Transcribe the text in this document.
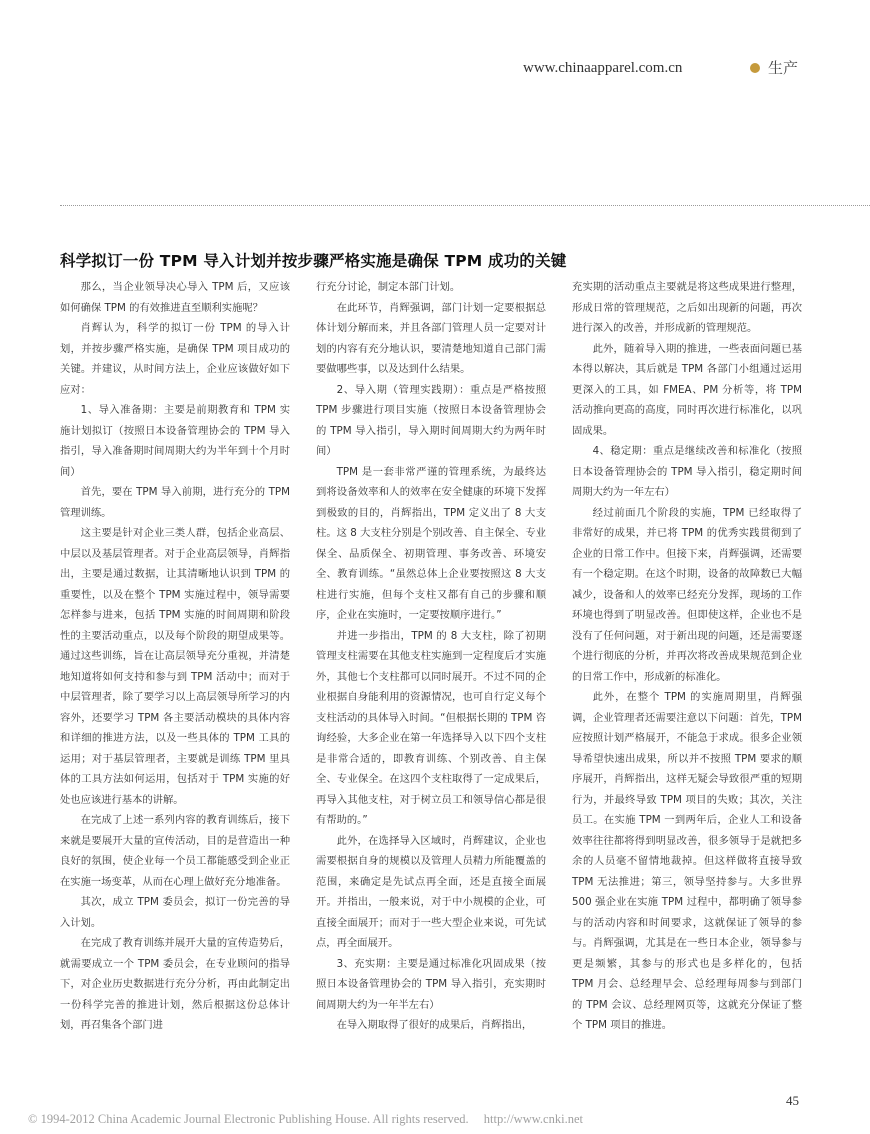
www.chinaapparel.com.cn	生产
科学拟订一份 TPM 导入计划并按步骤严格实施是确保 TPM 成功的关键

那么，当企业领导决心导入 TPM 后，又应该如何确保 TPM 的有效推进直至顺利实施呢？

肖辉认为，科学的拟订一份 TPM 的导入计划，并按步骤严格实施，是确保 TPM 项目成功的关键。并建议，从时间方法上，企业应该做好如下应对：

1、导入准备期：主要是前期教育和 TPM 实施计划拟订（按照日本设备管理协会的 TPM 导入指引，导入准备期时间周期大约为半年到十个月时间）

首先，要在 TPM 导入前期，进行充分的 TPM 管理训练。

这主要是针对企业三类人群，包括企业高层、中层以及基层管理者。对于企业高层领导，肖辉指出，主要是通过数据，让其清晰地认识到 TPM 的重要性，以及在整个 TPM 实施过程中，领导需要怎样参与进来，包括 TPM 实施的时间周期和阶段性的主要活动重点，以及每个阶段的期望成果等。通过这些训练，旨在让高层领导充分重视，并清楚地知道将如何支持和参与到 TPM 活动中；而对于中层管理者，除了要学习以上高层领导所学习的内容外，还要学习 TPM 各主要活动模块的具体内容和详细的推进方法，以及一些具体的 TPM 工具的运用；对于基层管理者，主要就是训练 TPM 里具体的工具方法如何运用，包括对于 TPM 实施的好处也应该进行基本的讲解。

在完成了上述一系列内容的教育训练后，接下来就是要展开大量的宣传活动，目的是营造出一种良好的氛围，使企业每一个员工都能感受到企业正在实施一场变革，从而在心理上做好充分地准备。

其次，成立 TPM 委员会，拟订一份完善的导入计划。

在完成了教育训练并展开大量的宣传造势后，就需要成立一个 TPM 委员会，在专业顾问的指导下，对企业历史数据进行充分分析，再由此制定出一份科学完善的推进计划，然后根据这份总体计划，再召集各个部门进

行充分讨论，制定本部门计划。

在此环节，肖辉强调，部门计划一定要根据总体计划分解而来，并且各部门管理人员一定要对计划的内容有充分地认识，要清楚地知道自己部门需要做哪些事，以及达到什么结果。

2、导入期（管理实践期）：重点是严格按照 TPM 步骤进行项目实施（按照日本设备管理协会的 TPM 导入指引，导入期时间周期大约为两年时间）

TPM 是一套非常严谨的管理系统，为最终达到将设备效率和人的效率在安全健康的环境下发挥到极致的目的，肖辉指出，TPM 定义出了 8 大支柱。这 8 大支柱分别是个别改善、自主保全、专业保全、品质保全、初期管理、事务改善、环境安全、教育训练。“虽然总体上企业要按照这 8 大支柱进行实施，但每个支柱又都有自己的步骤和顺序，企业在实施时，一定要按顺序进行。”

并进一步指出，TPM 的 8 大支柱，除了初期管理支柱需要在其他支柱实施到一定程度后才实施外，其他七个支柱都可以同时展开。不过不同的企业根据自身能利用的资源情况，也可自行定义每个支柱活动的具体导入时间。“但根据长期的 TPM 咨询经验，大多企业在第一年选择导入以下四个支柱是非常合适的，即教育训练、个别改善、自主保全、专业保全。在这四个支柱取得了一定成果后，再导入其他支柱，对于树立员工和领导信心都是很有帮助的。”

此外，在选择导入区域时，肖辉建议，企业也需要根据自身的规模以及管理人员精力所能覆盖的范围，来确定是先试点再全面，还是直接全面展开。并指出，一般来说，对于中小规模的企业，可直接全面展开；而对于一些大型企业来说，可先试点，再全面展开。

3、充实期：主要是通过标准化巩固成果（按照日本设备管理协会的 TPM 导入指引，充实期时间周期大约为一年半左右）

在导入期取得了很好的成果后，肖辉指出，

充实期的活动重点主要就是将这些成果进行整理，形成日常的管理规范，之后如出现新的问题，再次进行深入的改善，并形成新的管理规范。

此外，随着导入期的推进，一些表面问题已基本得以解决，其后就是 TPM 各部门小组通过运用更深入的工具，如 FMEA、PM 分析等，将 TPM 活动推向更高的高度，同时再次进行标准化，以巩固成果。

4、稳定期：重点是继续改善和标准化（按照日本设备管理协会的 TPM 导入指引，稳定期时间周期大约为一年左右）

经过前面几个阶段的实施，TPM 已经取得了非常好的成果，并已将 TPM 的优秀实践贯彻到了企业的日常工作中。但接下来，肖辉强调，还需要有一个稳定期。在这个时期，设备的故障数已大幅减少，设备和人的效率已经充分发挥，现场的工作环境也得到了明显改善。但即使这样，企业也不是没有了任何问题，对于新出现的问题，还是需要逐个进行彻底的分析，并再次将改善成果规范到企业的日常工作中，形成新的标准化。

此外，在整个 TPM 的实施周期里，肖辉强调，企业管理者还需要注意以下问题：首先，TPM 应按照计划严格展开，不能急于求成。很多企业领导希望快速出成果，所以并不按照 TPM 要求的顺序展开，肖辉指出，这样无疑会导致很严重的短期行为，并最终导致 TPM 项目的失败；其次，关注员工。在实施 TPM 一到两年后，企业人工和设备效率往往都将得到明显改善，很多领导于是就把多余的人员毫不留情地裁掉。但这样做将直接导致 TPM 无法推进；第三，领导坚持参与。大多世界 500 强企业在实施 TPM 过程中，都明确了领导参与的活动内容和时间要求，这就保证了领导的参与。肖辉强调，尤其是在一些日本企业，领导参与更是频繁，其参与的形式也是多样化的，包括 TPM 月会、总经理早会、总经理每周参与到部门的 TPM 会议、总经理网页等，这就充分保证了整个 TPM 项目的推进。

45
© 1994-2012 China Academic Journal Electronic Publishing House. All rights reserved. http://www.cnki.net
